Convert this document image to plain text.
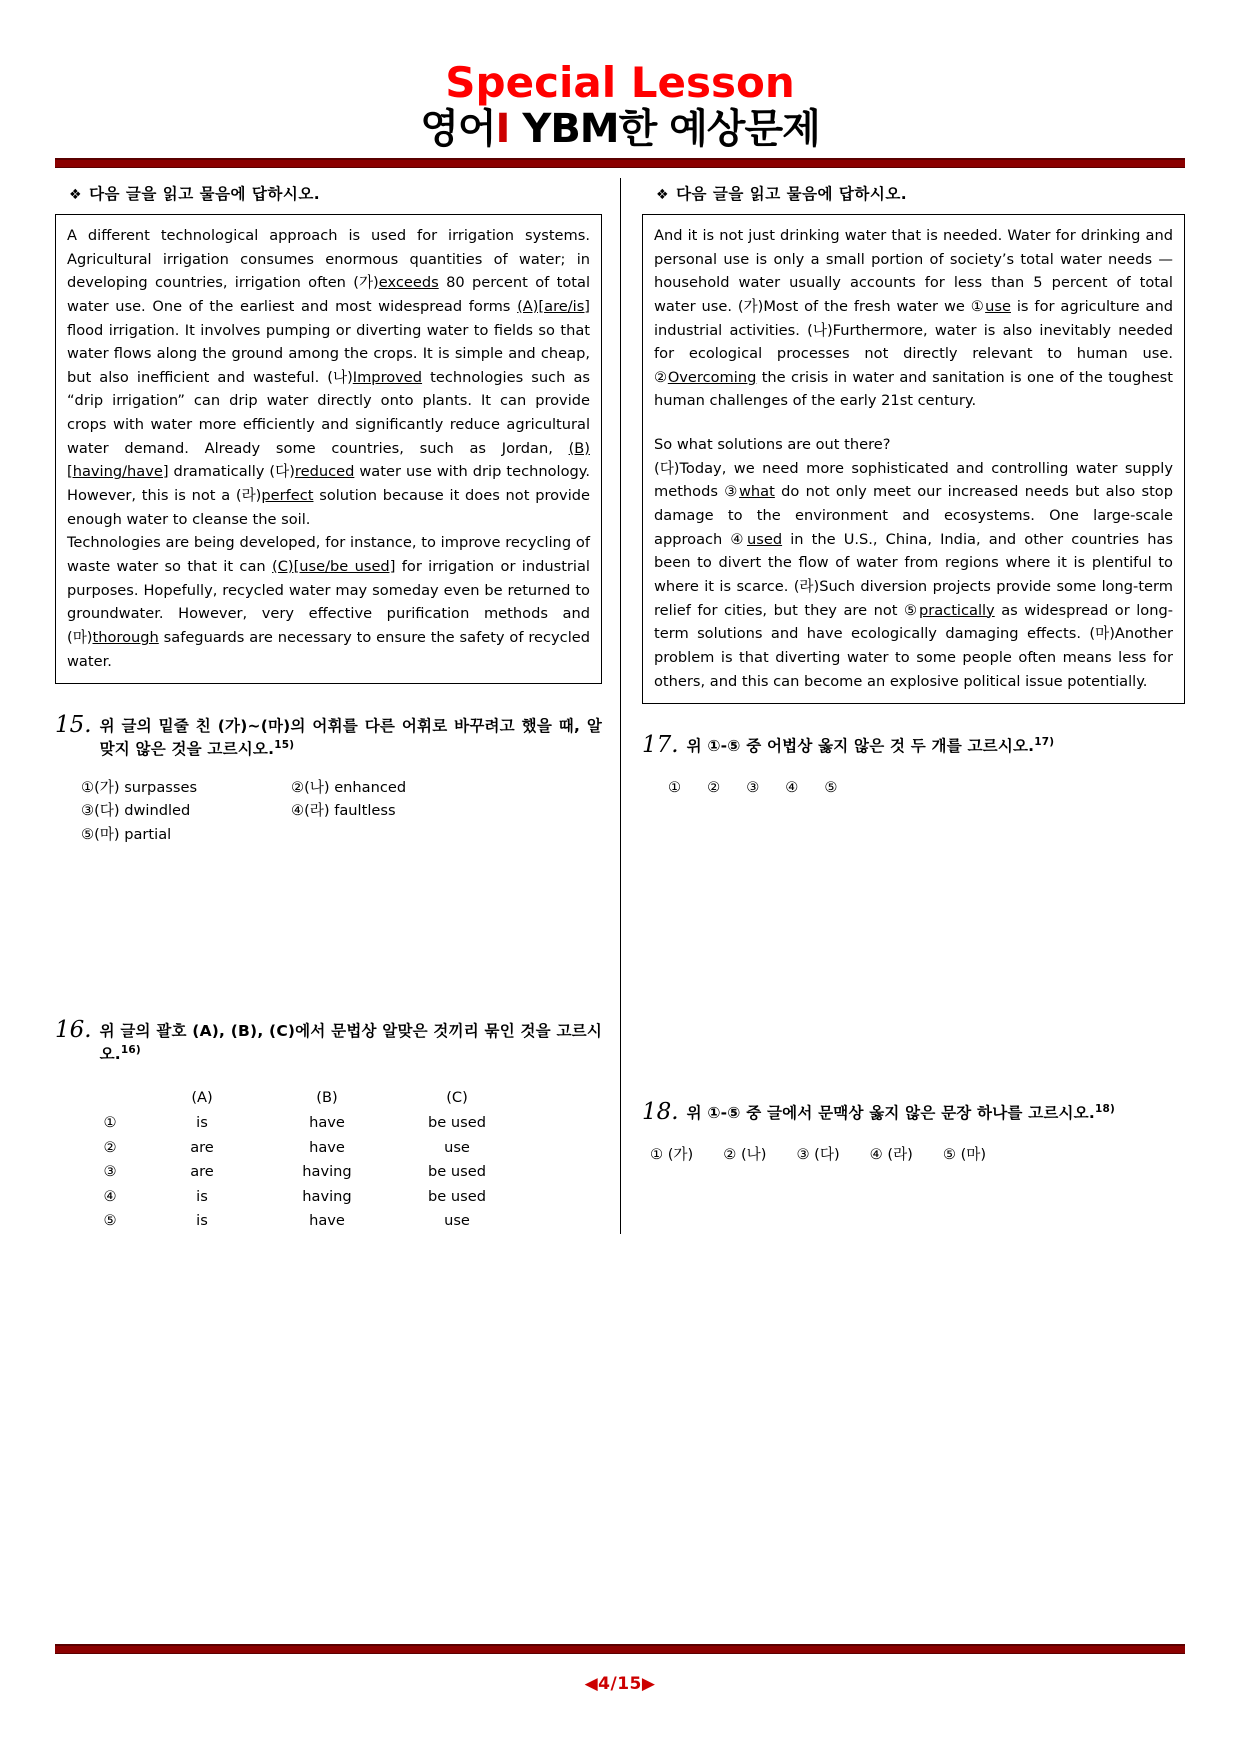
Special Lesson
영어I YBM한 예상문제
❖ 다음 글을 읽고 물음에 답하시오.

A different technological approach is used for irrigation systems. Agricultural irrigation consumes enormous quantities of water; in developing countries, irrigation often (가)exceeds 80 percent of total water use. One of the earliest and most widespread forms (A)[are/is] flood irrigation. It involves pumping or diverting water to fields so that water flows along the ground among the crops. It is simple and cheap, but also inefficient and wasteful. (나)Improved technologies such as “drip irrigation” can drip water directly onto plants. It can provide crops with water more efficiently and significantly reduce agricultural water demand. Already some countries, such as Jordan, (B)[having/have] dramatically (다)reduced water use with drip technology. However, this is not a (라)perfect solution because it does not provide enough water to cleanse the soil.

Technologies are being developed, for instance, to improve recycling of waste water so that it can (C)[use/be used] for irrigation or industrial purposes. Hopefully, recycled water may someday even be returned to groundwater. However, very effective purification methods and (마)thorough safeguards are necessary to ensure the safety of recycled water.

15. 위 글의 밑줄 친 (가)~(마)의 어휘를 다른 어휘로 바꾸려고 했을 때, 알맞지 않은 것을 고르시오.$^{15)}$
①(가) surpasses	②(나) enhanced
③(다) dwindled	④(라) faultless
⑤(마) partial
16. 위 글의 괄호 (A), (B), (C)에서 문법상 알맞은 것끼리 묶인 것을 고르시오.$^{16)}$
	(A)	(B)	(C)
①	is	have	be used
②	are	have	use
③	are	having	be used
④	is	having	be used
⑤	is	have	use
❖ 다음 글을 읽고 물음에 답하시오.

And it is not just drinking water that is needed. Water for drinking and personal use is only a small portion of society’s total water needs — household water usually accounts for less than 5 percent of total water use. (가)Most of the fresh water we ①use is for agriculture and industrial activities. (나)Furthermore, water is also inevitably needed for ecological processes not directly relevant to human use. ②Overcoming the crisis in water and sanitation is one of the toughest human challenges of the early 21st century.

So what solutions are out there?

(다)Today, we need more sophisticated and controlling water supply methods ③what do not only meet our increased needs but also stop damage to the environment and ecosystems. One large-scale approach ④used in the U.S., China, India, and other countries has been to divert the flow of water from regions where it is plentiful to where it is scarce. (라)Such diversion projects provide some long-term relief for cities, but they are not ⑤practically as widespread or long-term solutions and have ecologically damaging effects. (마)Another problem is that diverting water to some people often means less for others, and this can become an explosive political issue potentially.

17. 위 ①-⑤ 중 어법상 옳지 않은 것 두 개를 고르시오.$^{17)}$
① ② ③ ④ ⑤
18. 위 ①-⑤ 중 글에서 문맥상 옳지 않은 문장 하나를 고르시오.$^{18)}$
① (가) ② (나) ③ (다) ④ (라) ⑤ (마)
◀4/15▶
